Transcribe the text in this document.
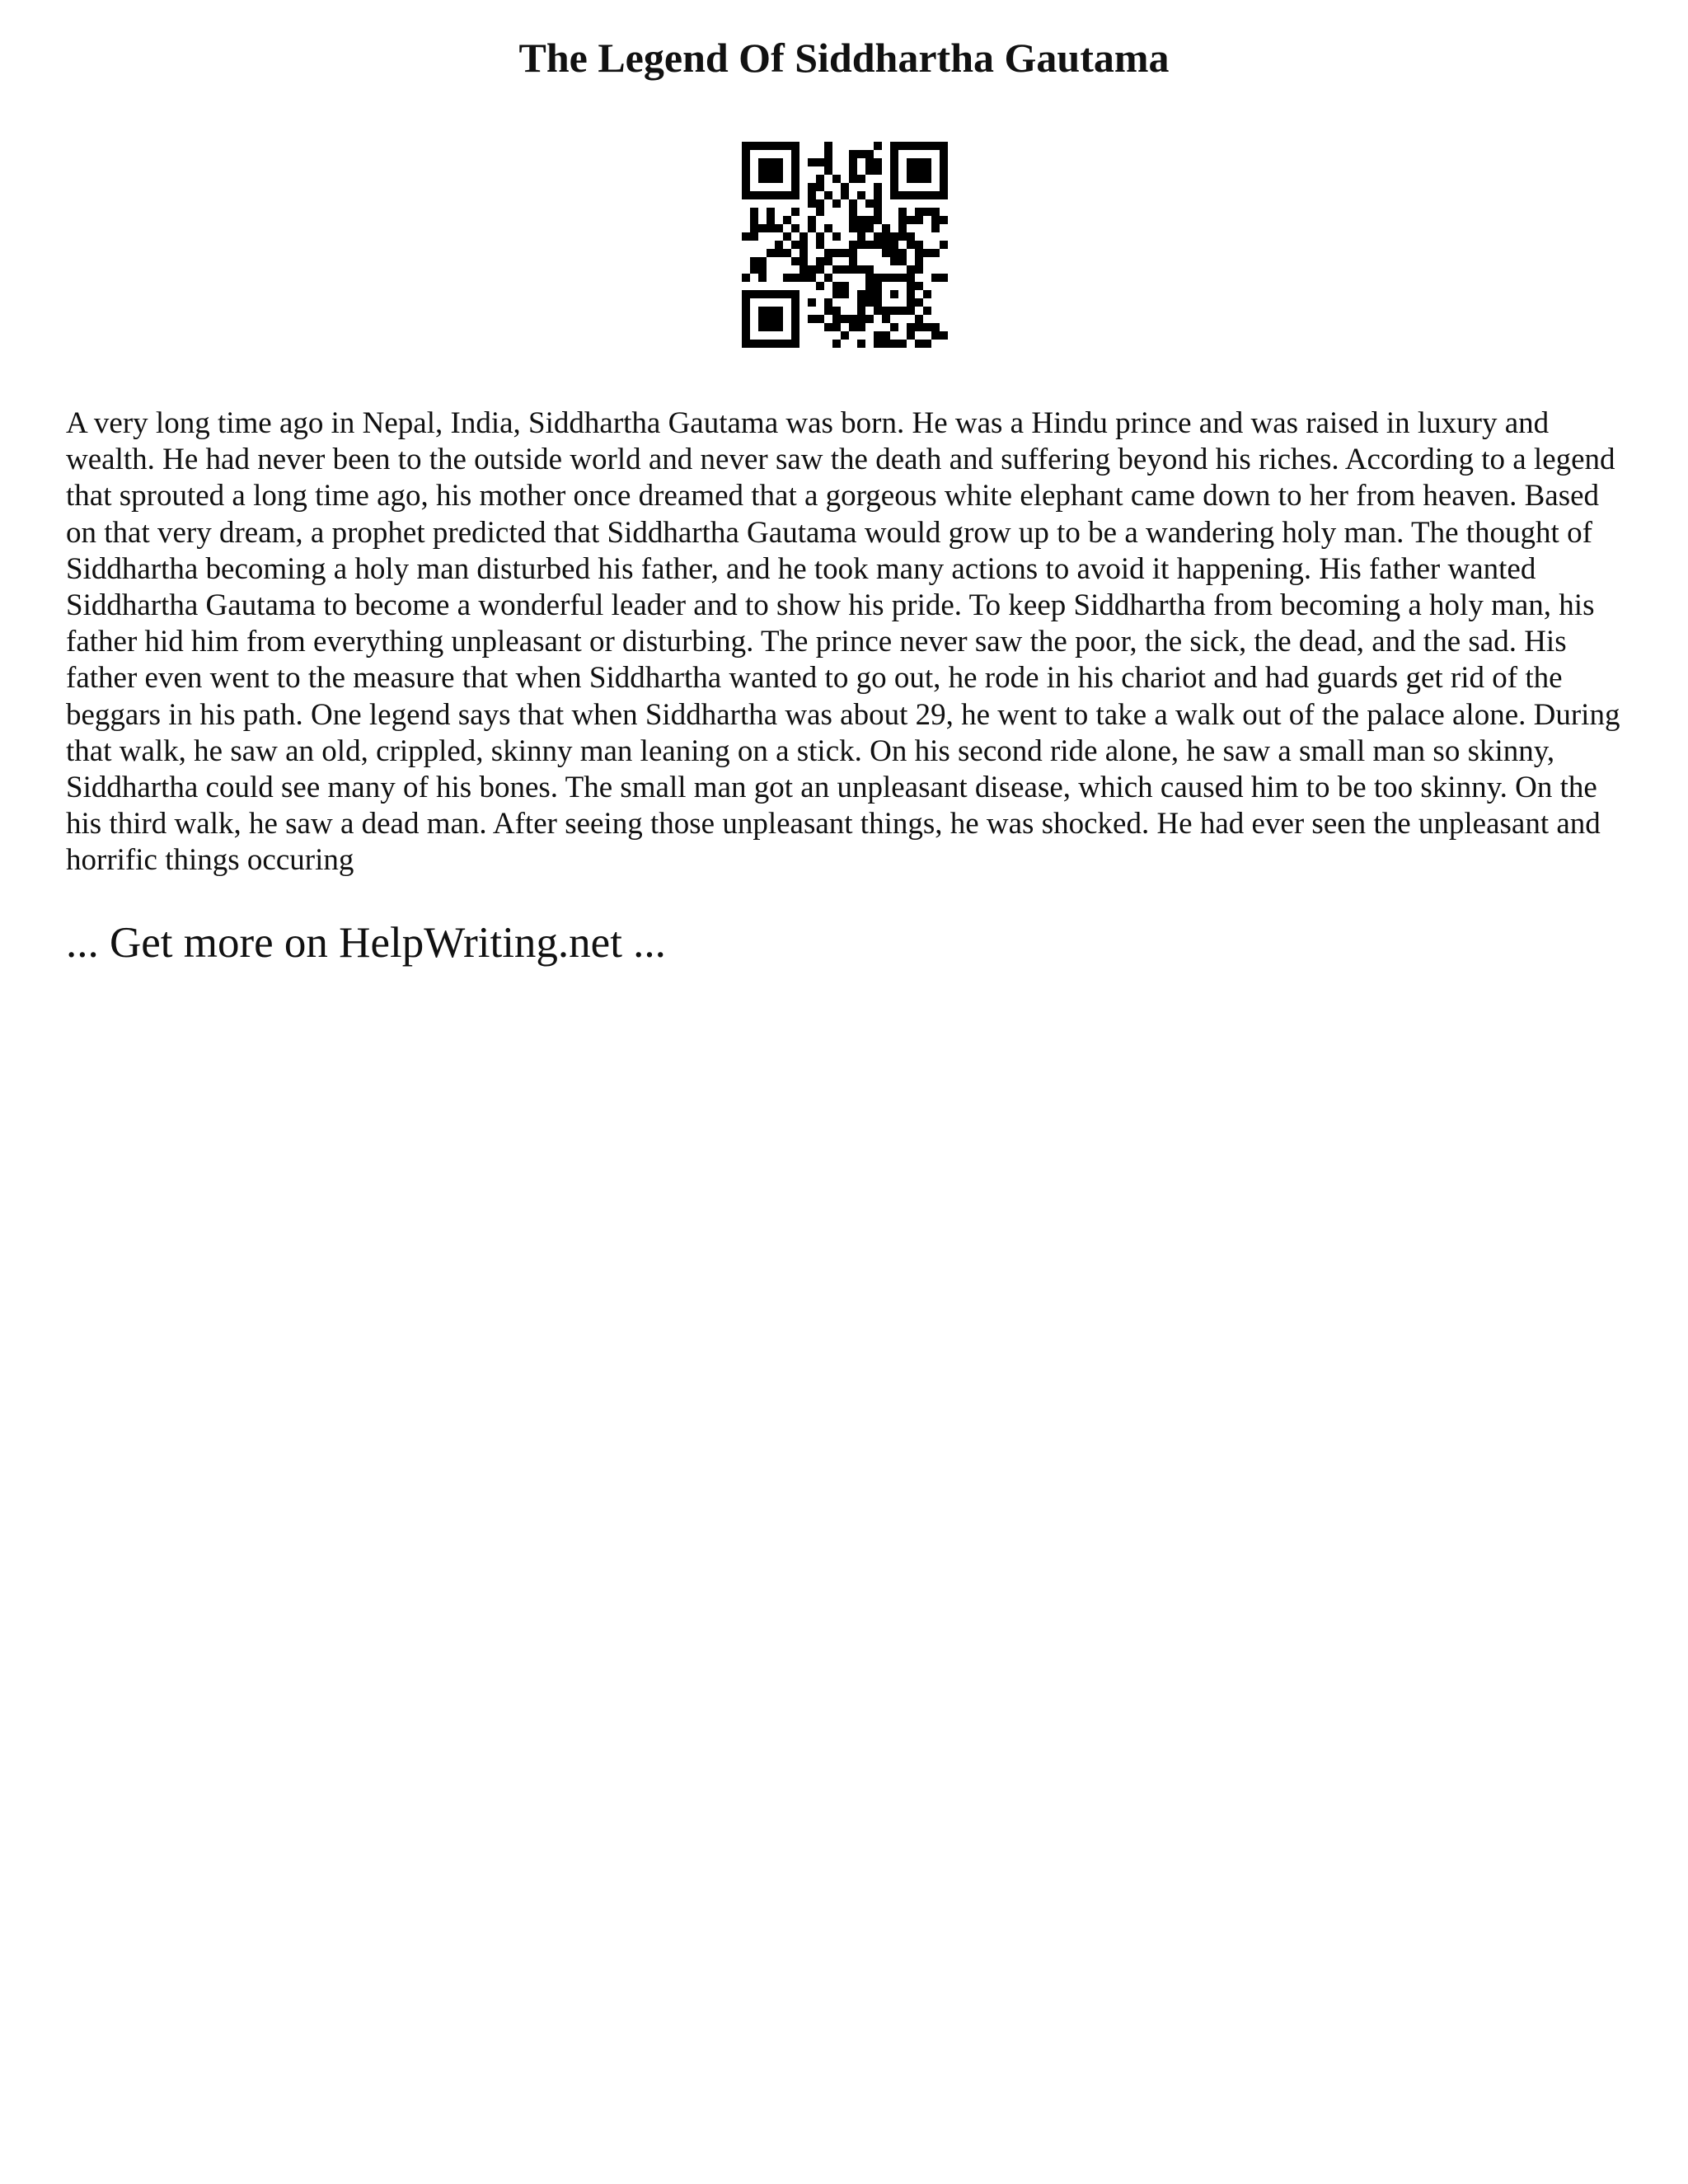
The Legend Of Siddhartha Gautama

A very long time ago in Nepal, India, Siddhartha Gautama was born. He was a Hindu prince and was raised in luxury and wealth. He had never been to the outside world and never saw the death and suffering beyond his riches. According to a legend that sprouted a long time ago, his mother once dreamed that a gorgeous white elephant came down to her from heaven. Based on that very dream, a prophet predicted that Siddhartha Gautama would grow up to be a wandering holy man. The thought of Siddhartha becoming a holy man disturbed his father, and he took many actions to avoid it happening. His father wanted Siddhartha Gautama to become a wonderful leader and to show his pride. To keep Siddhartha from becoming a holy man, his father hid him from everything unpleasant or disturbing. The prince never saw the poor, the sick, the dead, and the sad. His father even went to the measure that when Siddhartha wanted to go out, he rode in his chariot and had guards get rid of the beggars in his path. One legend says that when Siddhartha was about 29, he went to take a walk out of the palace alone. During that walk, he saw an old, crippled, skinny man leaning on a stick. On his second ride alone, he saw a small man so skinny, Siddhartha could see many of his bones. The small man got an unpleasant disease, which caused him to be too skinny. On the his third walk, he saw a dead man. After seeing those unpleasant things, he was shocked. He had ever seen the unpleasant and horrific things occuring

... Get more on HelpWriting.net ...
